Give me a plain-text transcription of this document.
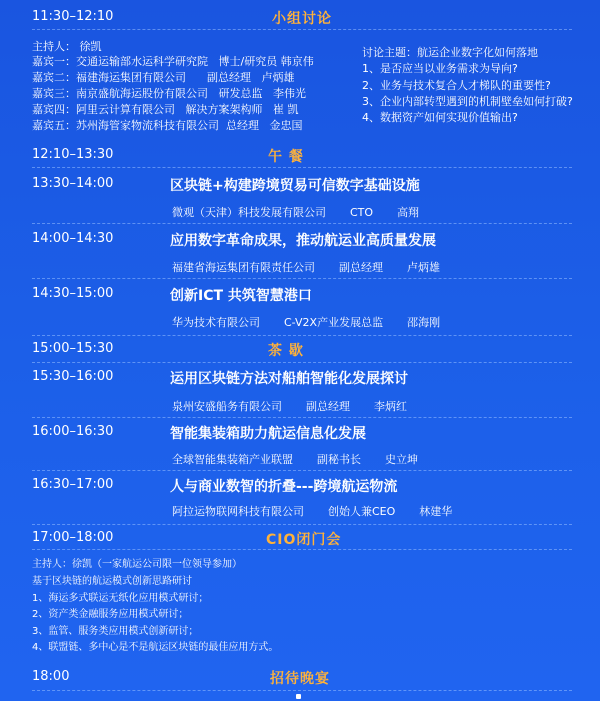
11:30–12:10	小组讨论
主持人： 徐凯
嘉宾一：交通运输部水运科学研究院 博士/研究员 韩京伟
嘉宾二：福建海运集团有限公司 副总经理 卢炳雄
嘉宾三：南京盛航海运股份有限公司 研发总监 李伟光
嘉宾四：阿里云计算有限公司 解决方案架构师 崔 凯
嘉宾五：苏州海管家物流科技有限公司 总经理 金忠国
讨论主题：航运企业数字化如何落地
1、是否应当以业务需求为导向?
2、业务与技术复合人才梯队的重要性?
3、企业内部转型遇到的机制壁垒如何打破?
4、数据资产如何实现价值输出?
12:10–13:30	午 餐
13:30–14:00	区块链+构建跨境贸易可信数字基础设施
微观（天津）科技发展有限公司 CTO 高翔
14:00–14:30	应用数字革命成果，推动航运业高质量发展
福建省海运集团有限责任公司 副总经理 卢炳雄
14:30–15:00	创新ICT 共筑智慧港口
华为技术有限公司 C-V2X产业发展总监 邵海刚
15:00–15:30	茶 歇
15:30–16:00	运用区块链方法对船舶智能化发展探讨
泉州安盛船务有限公司 副总经理 李炳红
16:00–16:30	智能集装箱助力航运信息化发展
全球智能集装箱产业联盟 副秘书长 史立坤
16:30–17:00	人与商业数智的折叠---跨境航运物流
阿拉运物联网科技有限公司 创始人兼CEO 林建华
17:00–18:00	CIO闭门会
主持人：徐凯（一家航运公司限一位领导参加）
基于区块链的航运模式创新思路研讨
1、海运多式联运无纸化应用模式研讨；
2、资产类金融服务应用模式研讨；
3、监管、服务类应用模式创新研讨；
4、联盟链、多中心是不是航运区块链的最佳应用方式。
18:00	招待晚宴
